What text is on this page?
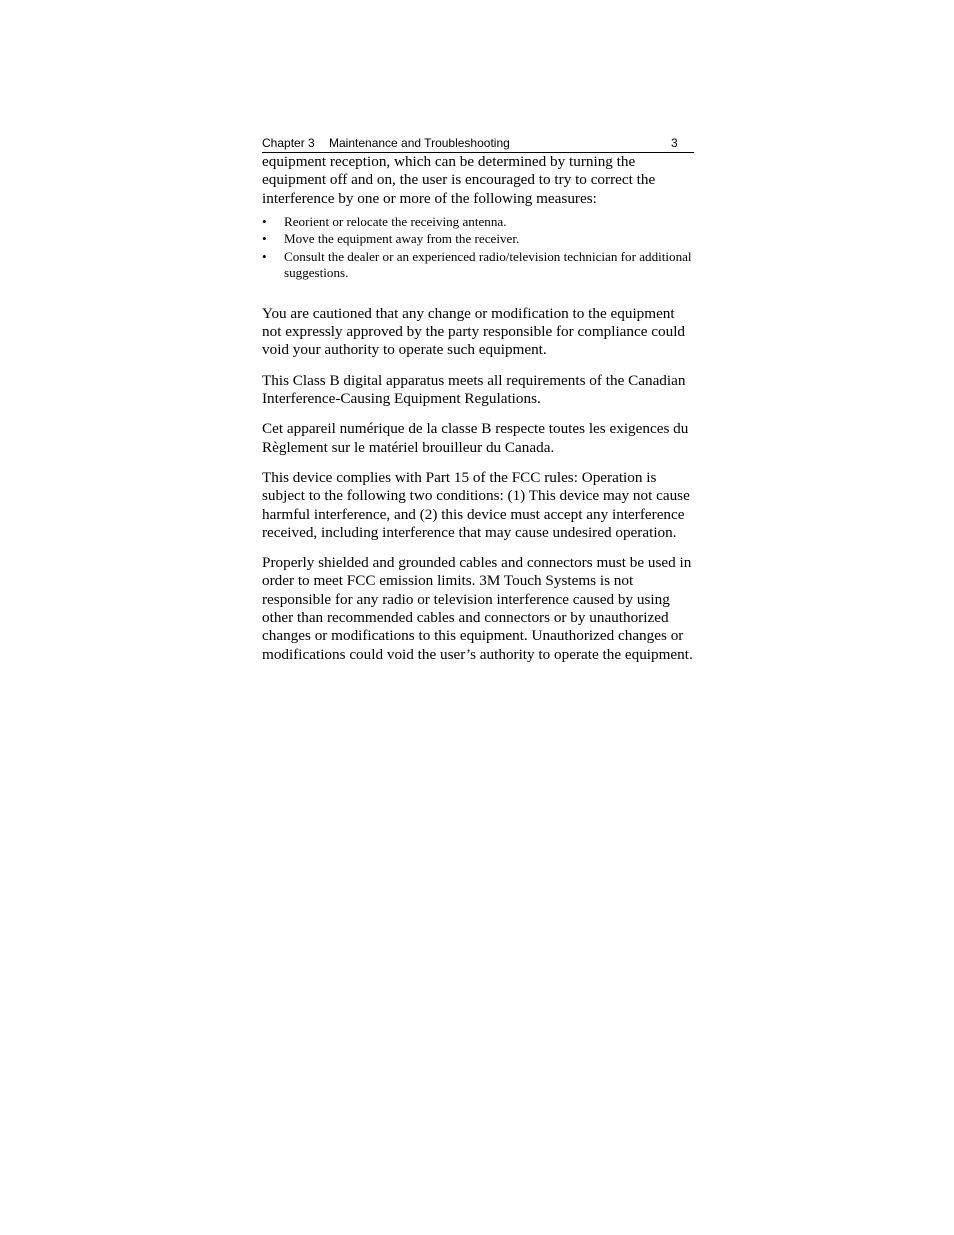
Chapter 3 Maintenance and Troubleshooting	3

equipment reception, which can be determined by turning the equipment off and on, the user is encouraged to try to correct the interference by one or more of the following measures:

• Reorient or relocate the receiving antenna.
• Move the equipment away from the receiver.
• Consult the dealer or an experienced radio/television technician for additional suggestions.

You are cautioned that any change or modification to the equipment not expressly approved by the party responsible for compliance could void your authority to operate such equipment.

This Class B digital apparatus meets all requirements of the Canadian Interference-Causing Equipment Regulations.

Cet appareil numérique de la classe B respecte toutes les exigences du Règlement sur le matériel brouilleur du Canada.

This device complies with Part 15 of the FCC rules: Operation is subject to the following two conditions: (1) This device may not cause harmful interference, and (2) this device must accept any interference received, including interference that may cause undesired operation.

Properly shielded and grounded cables and connectors must be used in order to meet FCC emission limits. 3M Touch Systems is not responsible for any radio or television interference caused by using other than recommended cables and connectors or by unauthorized changes or modifications to this equipment. Unauthorized changes or modifications could void the user’s authority to operate the equipment.
